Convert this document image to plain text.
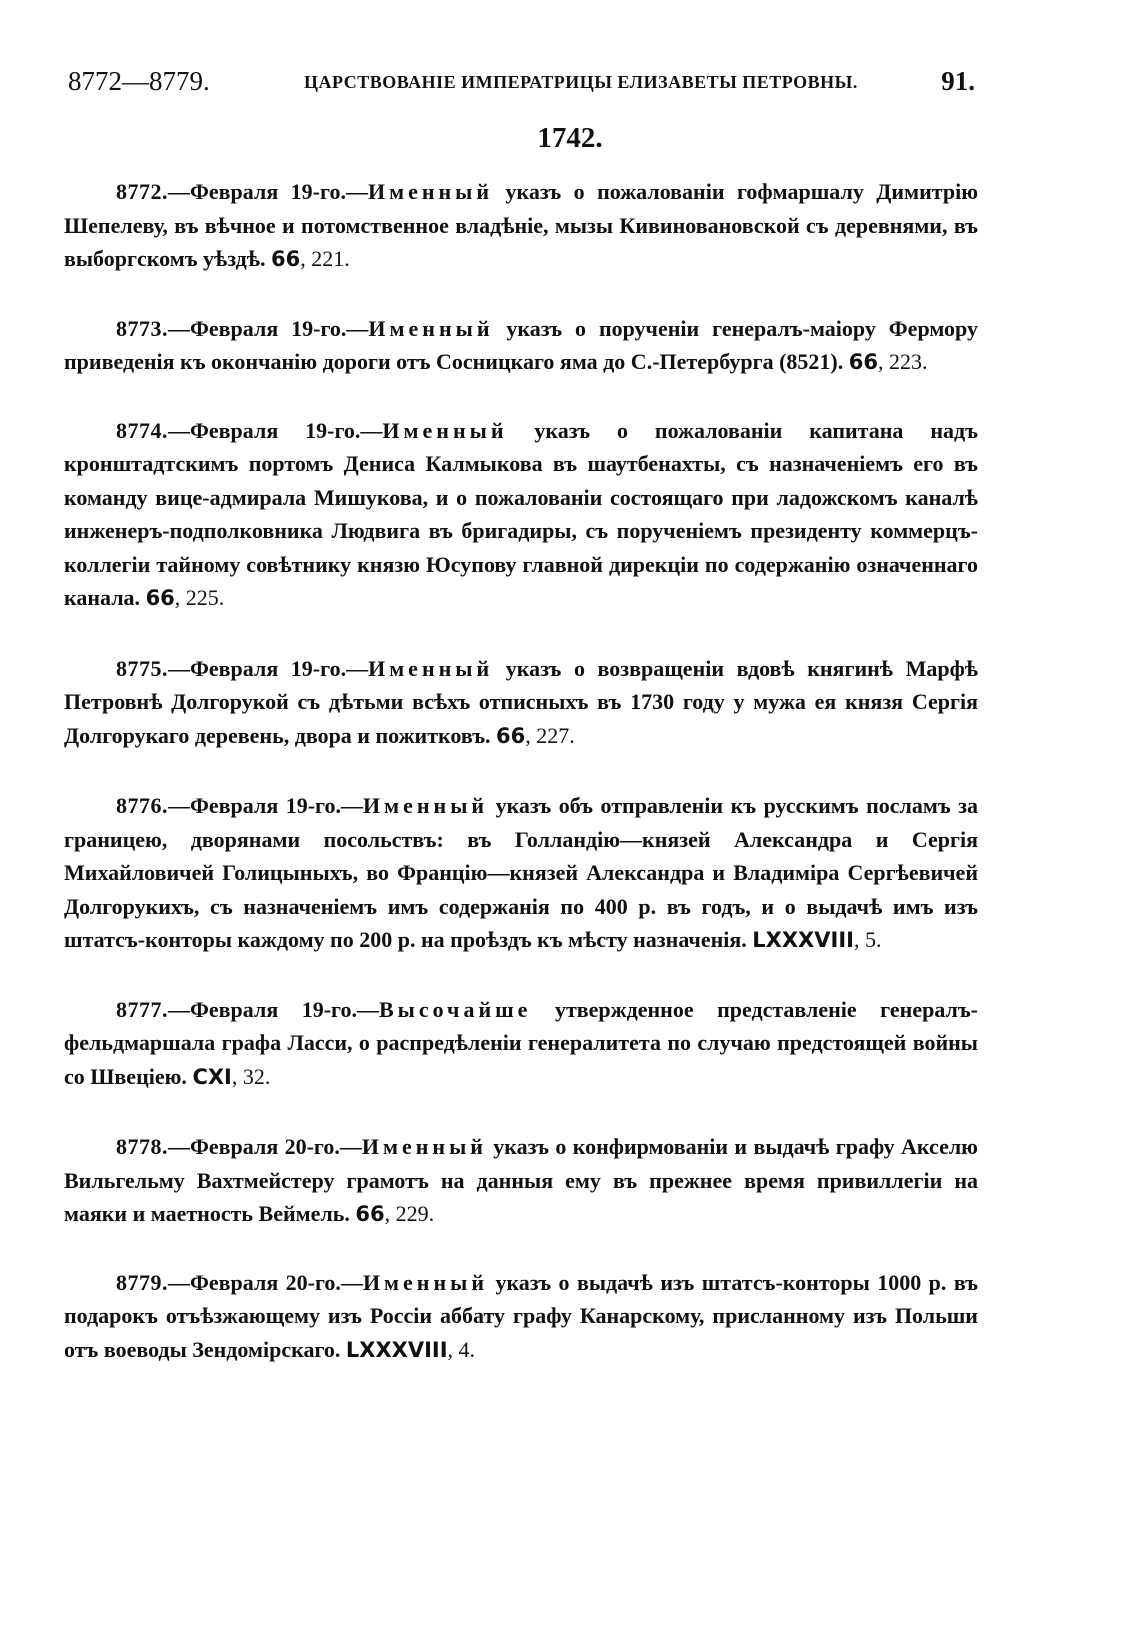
8772—8779.	ЦАРСТВОВАНІЕ ИМПЕРАТРИЦЫ ЕЛИЗАВЕТЫ ПЕТРОВНЫ.	91.
1742.

8772.—Февраля 19-го.—Именный указъ о пожалованіи гофмаршалу Димитрію Шепелеву, въ вѣчное и потомственное владѣніе, мызы Кивиновановской съ деревнями, въ выборгскомъ уѣздѣ. 66, 221.

8773.—Февраля 19-го.—Именный указъ о порученіи генералъ-маіору Фермору приведенія къ окончанію дороги отъ Сосницкаго яма до С.-Петербурга (8521). 66, 223.

8774.—Февраля 19-го.—Именный указъ о пожалованіи капитана надъ кронштадтскимъ портомъ Дениса Калмыкова въ шаутбенахты, съ назначеніемъ его въ команду вице-адмирала Мишукова, и о пожалованіи состоящаго при ладожскомъ каналѣ инженеръ-подполковника Людвига въ бригадиры, съ порученіемъ президенту коммерцъ-коллегіи тайному совѣтнику князю Юсупову главной дирекціи по содержанію означеннаго канала. 66, 225.

8775.—Февраля 19-го.—Именный указъ о возвращеніи вдовѣ княгинѣ Марфѣ Петровнѣ Долгорукой съ дѣтьми всѣхъ отписныхъ въ 1730 году у мужа ея князя Сергія Долгорукаго деревень, двора и пожитковъ. 66, 227.

8776.—Февраля 19-го.—Именный указъ объ отправленіи къ русскимъ посламъ за границею, дворянами посольствъ: въ Голландію—князей Александра и Сергія Михайловичей Голицыныхъ, во Францію—князей Александра и Владиміра Сергѣевичей Долгорукихъ, съ назначеніемъ имъ содержанія по 400 р. въ годъ, и о выдачѣ имъ изъ штатсъ-конторы каждому по 200 р. на проѣздъ къ мѣсту назначенія. LXXXVIII, 5.

8777.—Февраля 19-го.—Высочайше утвержденное представленіе генералъ-фельдмаршала графа Ласси, о распредѣленіи генералитета по случаю предстоящей войны со Швеціею. CXI, 32.

8778.—Февраля 20-го.—Именный указъ о конфирмованіи и выдачѣ графу Акселю Вильгельму Вахтмейстеру грамотъ на данныя ему въ прежнее время привиллегіи на маяки и маетность Веймель. 66, 229.

8779.—Февраля 20-го.—Именный указъ о выдачѣ изъ штатсъ-конторы 1000 р. въ подарокъ отъѣзжающему изъ Россіи аббату графу Канарскому, присланному изъ Польши отъ воеводы Зендомірскаго. LXXXVIII, 4.
